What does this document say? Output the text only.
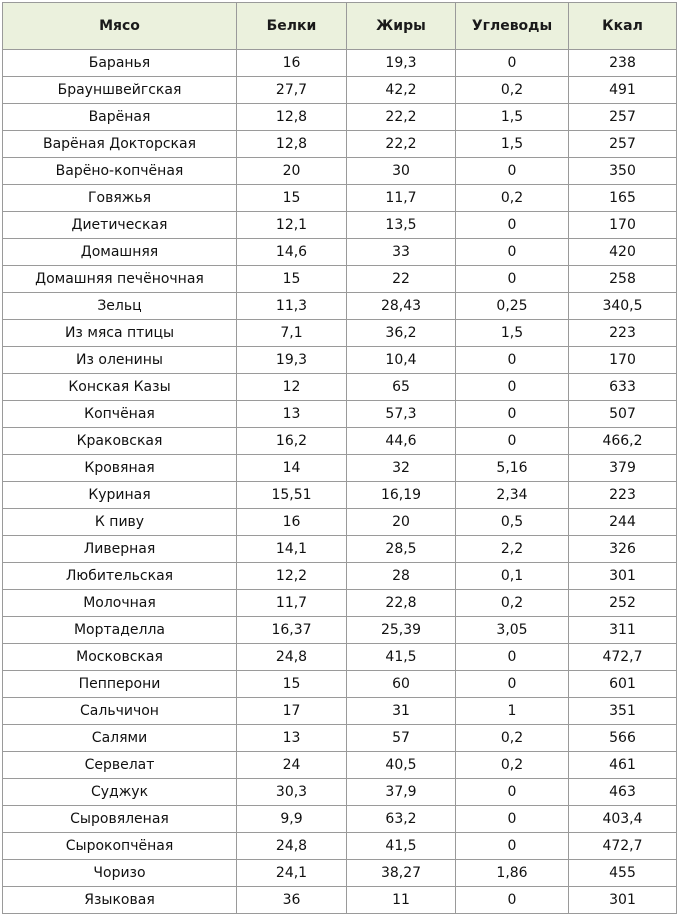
Мясо	Белки	Жиры	Углеводы	Ккал
Баранья	16	19,3	0	238
Брауншвейгская	27,7	42,2	0,2	491
Варёная	12,8	22,2	1,5	257
Варёная Докторская	12,8	22,2	1,5	257
Варёно-копчёная	20	30	0	350
Говяжья	15	11,7	0,2	165
Диетическая	12,1	13,5	0	170
Домашняя	14,6	33	0	420
Домашняя печёночная	15	22	0	258
Зельц	11,3	28,43	0,25	340,5
Из мяса птицы	7,1	36,2	1,5	223
Из оленины	19,3	10,4	0	170
Конская Казы	12	65	0	633
Копчёная	13	57,3	0	507
Краковская	16,2	44,6	0	466,2
Кровяная	14	32	5,16	379
Куриная	15,51	16,19	2,34	223
К пиву	16	20	0,5	244
Ливерная	14,1	28,5	2,2	326
Любительская	12,2	28	0,1	301
Молочная	11,7	22,8	0,2	252
Мортаделла	16,37	25,39	3,05	311
Московская	24,8	41,5	0	472,7
Пепперони	15	60	0	601
Сальчичон	17	31	1	351
Салями	13	57	0,2	566
Сервелат	24	40,5	0,2	461
Суджук	30,3	37,9	0	463
Сыровяленая	9,9	63,2	0	403,4
Сырокопчёная	24,8	41,5	0	472,7
Чоризо	24,1	38,27	1,86	455
Языковая	36	11	0	301
